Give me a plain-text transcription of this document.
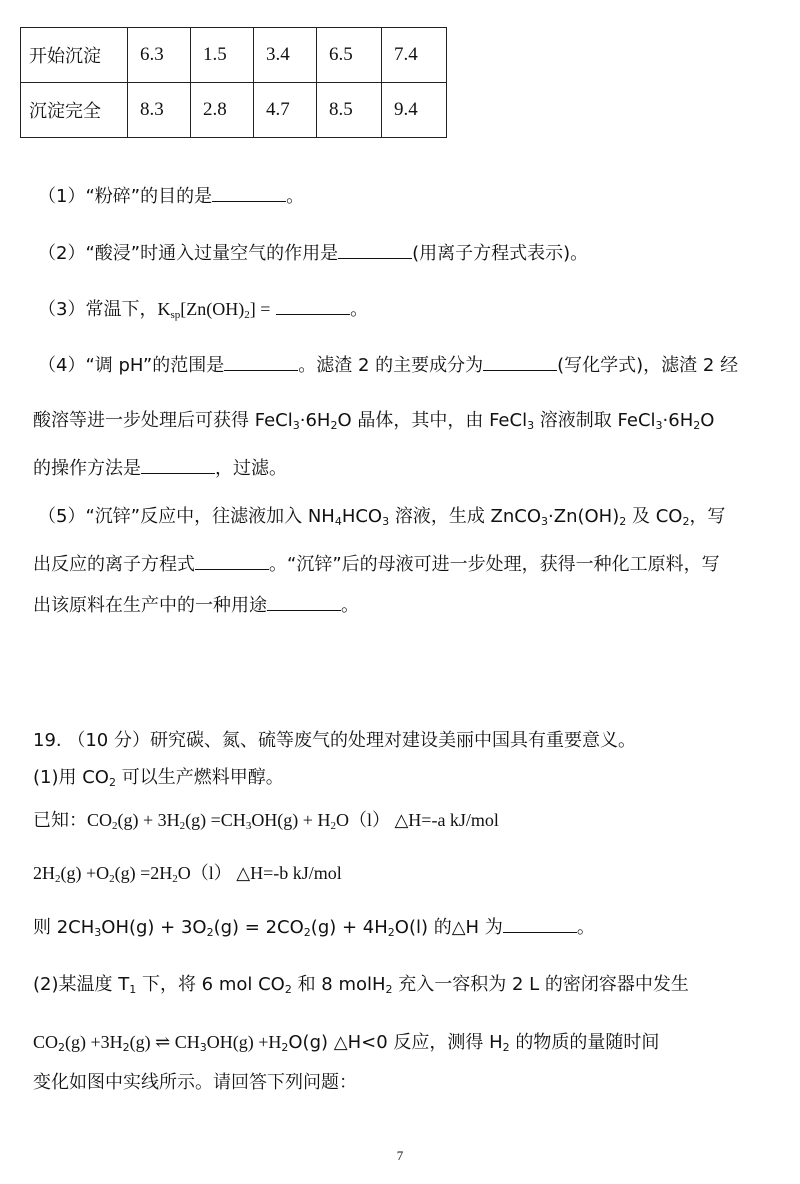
开始沉淀	6.3	1.5	3.4	6.5	7.4
沉淀完全	8.3	2.8	4.7	8.5	9.4
（1）“粉碎”的目的是	。
（2）“酸浸”时通入过量空气的作用是	(用离子方程式表示)。
（3）常温下，$K_{sp}[Zn(OH)_2]$ =	。
（4）“调 pH”的范围是	。滤渣 2 的主要成分为	(写化学式)，滤渣 2 经
酸溶等进一步处理后可获得 $FeCl_3\cdot 6H_2O$ 晶体，其中，由 FeCl$_3$ 溶液制取 $FeCl_3\cdot 6H_2O$
的操作方法是	，过滤。
（5）“沉锌”反应中，往滤液加入 $NH_4HCO_3$ 溶液，生成 $ZnCO_3\cdot Zn(OH)_2$ 及 $CO_2$，写
出反应的离子方程式	。“沉锌”后的母液可进一步处理，获得一种化工原料，写
出该原料在生产中的一种用途	。
19. （10 分）研究碳、氮、硫等废气的处理对建设美丽中国具有重要意义。
(1)用 $CO_2$ 可以生产燃料甲醇。
已知：$CO_2(g) + 3H_2(g) =CH_3OH(g) + H_2O(l)$ △H=-a kJ/mol
$2H_2(g) +O_2(g) =2H_2O(l)$ △H=-b kJ/mol
则 $2CH_3OH(g) + 3O_2(g) = 2CO_2(g) + 4H_2O(l)$ 的△H 为	。
(2)某温度 $T_1$ 下，将 6 mol $CO_2$ 和 8 molH$_2$ 充入一容积为 2 L 的密闭容器中发生
$CO_2(g) +3H_2(g)$ ⇌ $CH_3OH(g) +H_2O(g)$ △H<0 反应，测得 $H_2$ 的物质的量随时间
变化如图中实线所示。请回答下列问题：
7
